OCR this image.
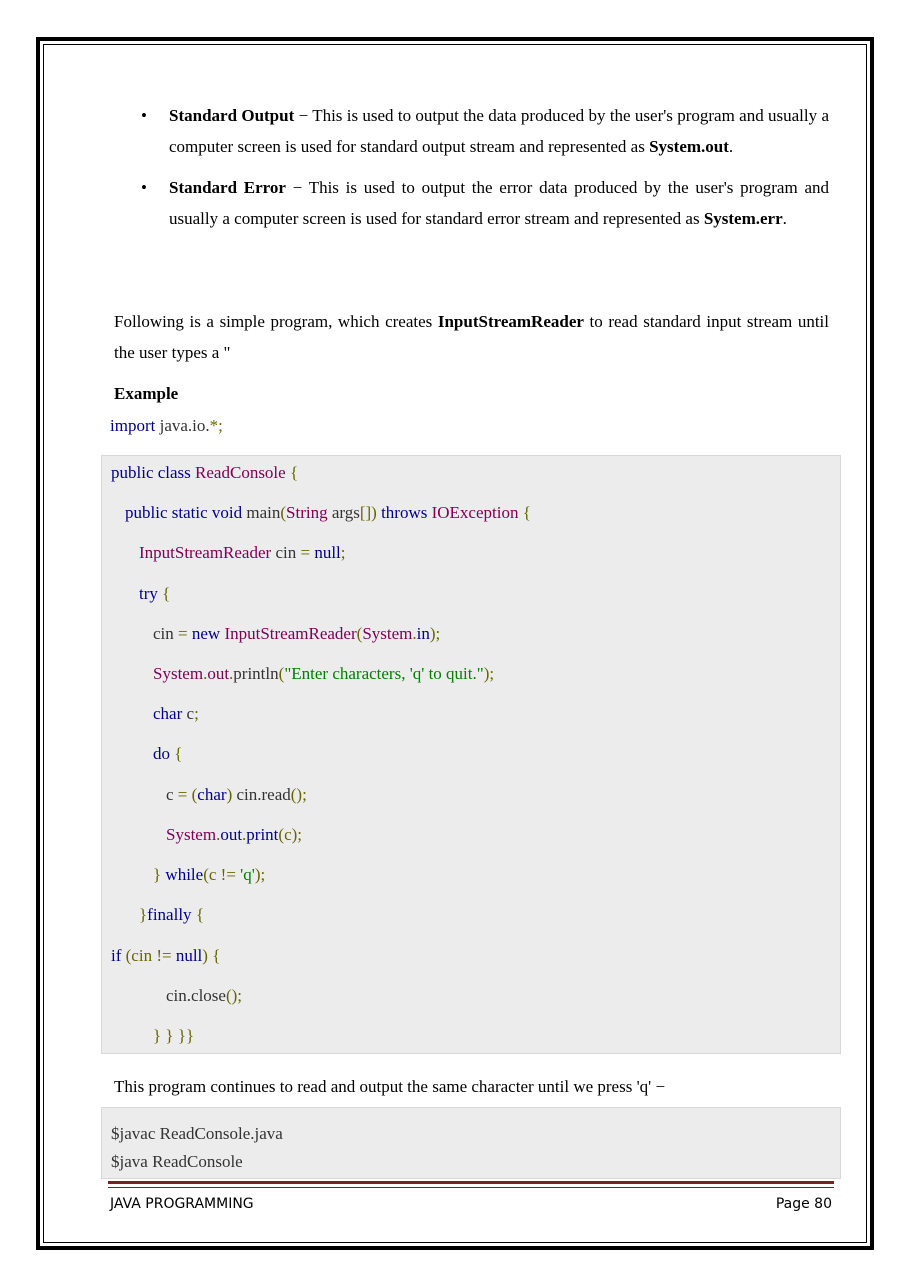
• Standard Output − This is used to output the data produced by the user's program and usually a computer screen is used for standard output stream and represented as System.out.
• Standard Error − This is used to output the error data produced by the user's program and usually a computer screen is used for standard error stream and represented as System.err.
Following is a simple program, which creates InputStreamReader to read standard input stream until the user types a "
Example
import java.io.*;
public class ReadConsole {
public static void main(String args[]) throws IOException {
InputStreamReader cin = null;
try {
cin = new InputStreamReader(System.in);
System.out.println("Enter characters, 'q' to quit.");
char c;
do {
c = (char) cin.read();
System.out.print(c);
} while(c != 'q');
}finally {
if (cin != null) {
cin.close();
} } }}
This program continues to read and output the same character until we press 'q' −
$javac ReadConsole.java
$java ReadConsole
JAVA PROGRAMMING	Page 80
